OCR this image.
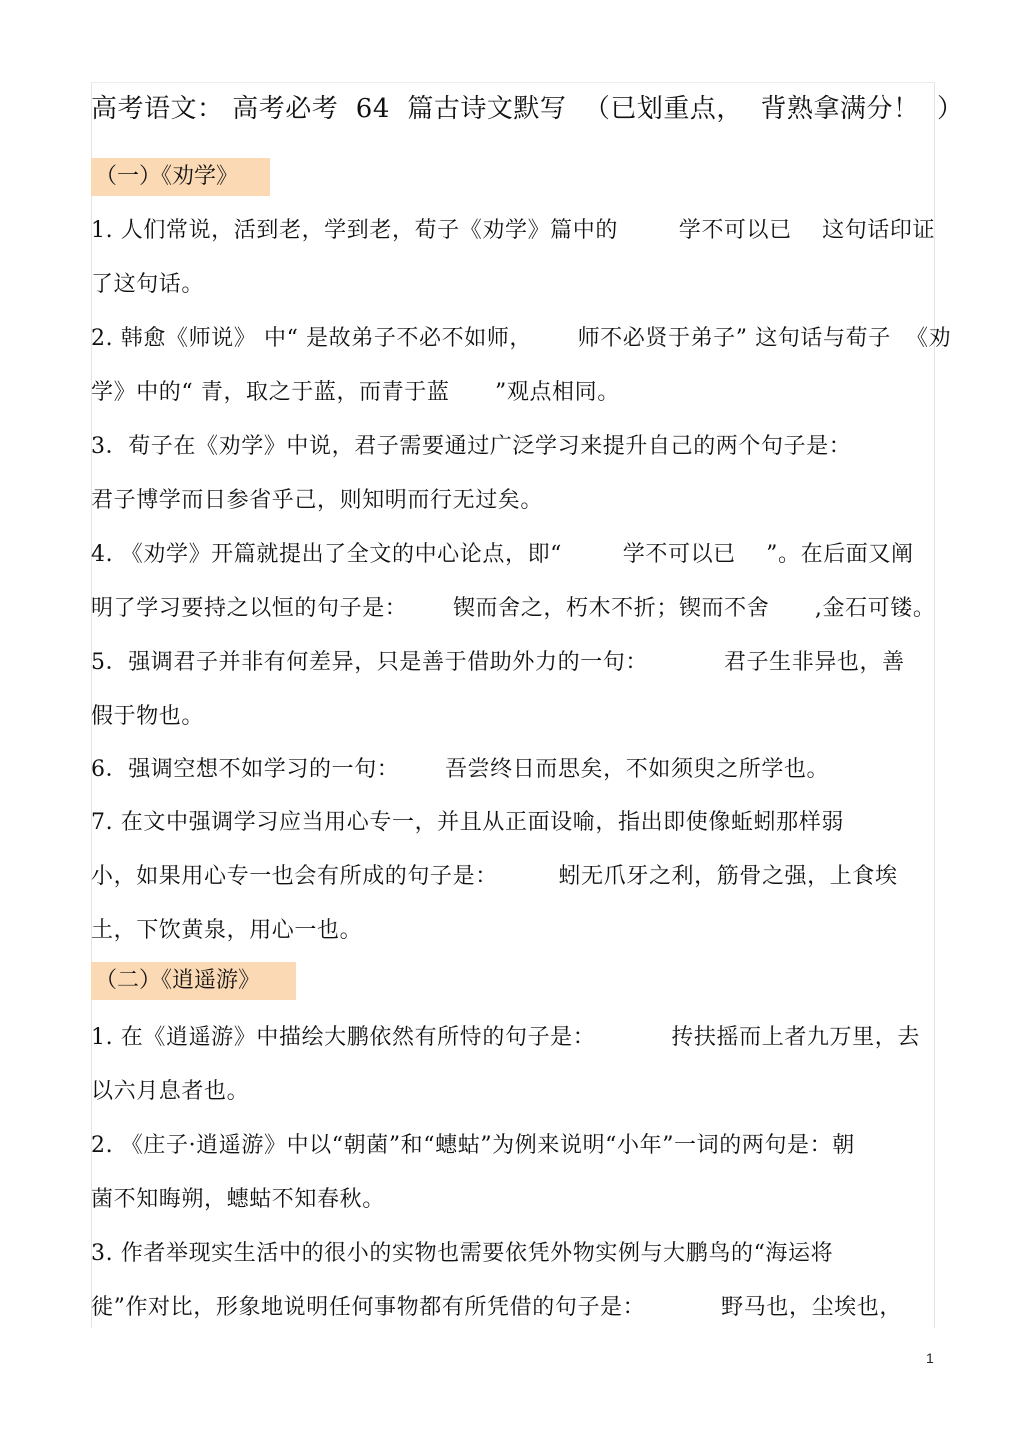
高考语文： 高考必考  64  篇古诗文默写  （已划重点，  背熟拿满分！  ）
（一）《劝学》
1. 人们常说，活到老，学到老，荀子《劝学》篇中的        学不可以已    这句话印证
了这句话。
2. 韩愈《师说》 中“ 是故弟子不必不如师，      师不必贤于弟子” 这句话与荀子  《劝
学》中的“ 青，取之于蓝，而青于蓝      ”观点相同。
3．荀子在《劝学》中说，君子需要通过广泛学习来提升自己的两个句子是：
君子博学而日参省乎己，则知明而行无过矣。
4. 《劝学》开篇就提出了全文的中心论点，即“        学不可以已    ”。在后面又阐
明了学习要持之以恒的句子是：      锲而舍之，朽木不折；锲而不舍      ,金石可镂。
5．强调君子并非有何差异，只是善于借助外力的一句：          君子生非异也，善
假于物也。
6．强调空想不如学习的一句：      吾尝终日而思矣，不如须臾之所学也。
7. 在文中强调学习应当用心专一，并且从正面设喻，指出即使像蚯蚓那样弱
小，如果用心专一也会有所成的句子是：        蚓无爪牙之利，筋骨之强，上食埃
土，下饮黄泉，用心一也。
（二）《逍遥游》
1. 在《逍遥游》中描绘大鹏依然有所恃的句子是：          抟扶摇而上者九万里，去
以六月息者也。
2. 《庄子·逍遥游》中以“朝菌”和“蟪蛄”为例来说明“小年”一词的两句是：朝
菌不知晦朔，蟪蛄不知春秋。
3. 作者举现实生活中的很小的实物也需要依凭外物实例与大鹏鸟的“海运将
徙”作对比，形象地说明任何事物都有所凭借的句子是：          野马也，尘埃也，
1
